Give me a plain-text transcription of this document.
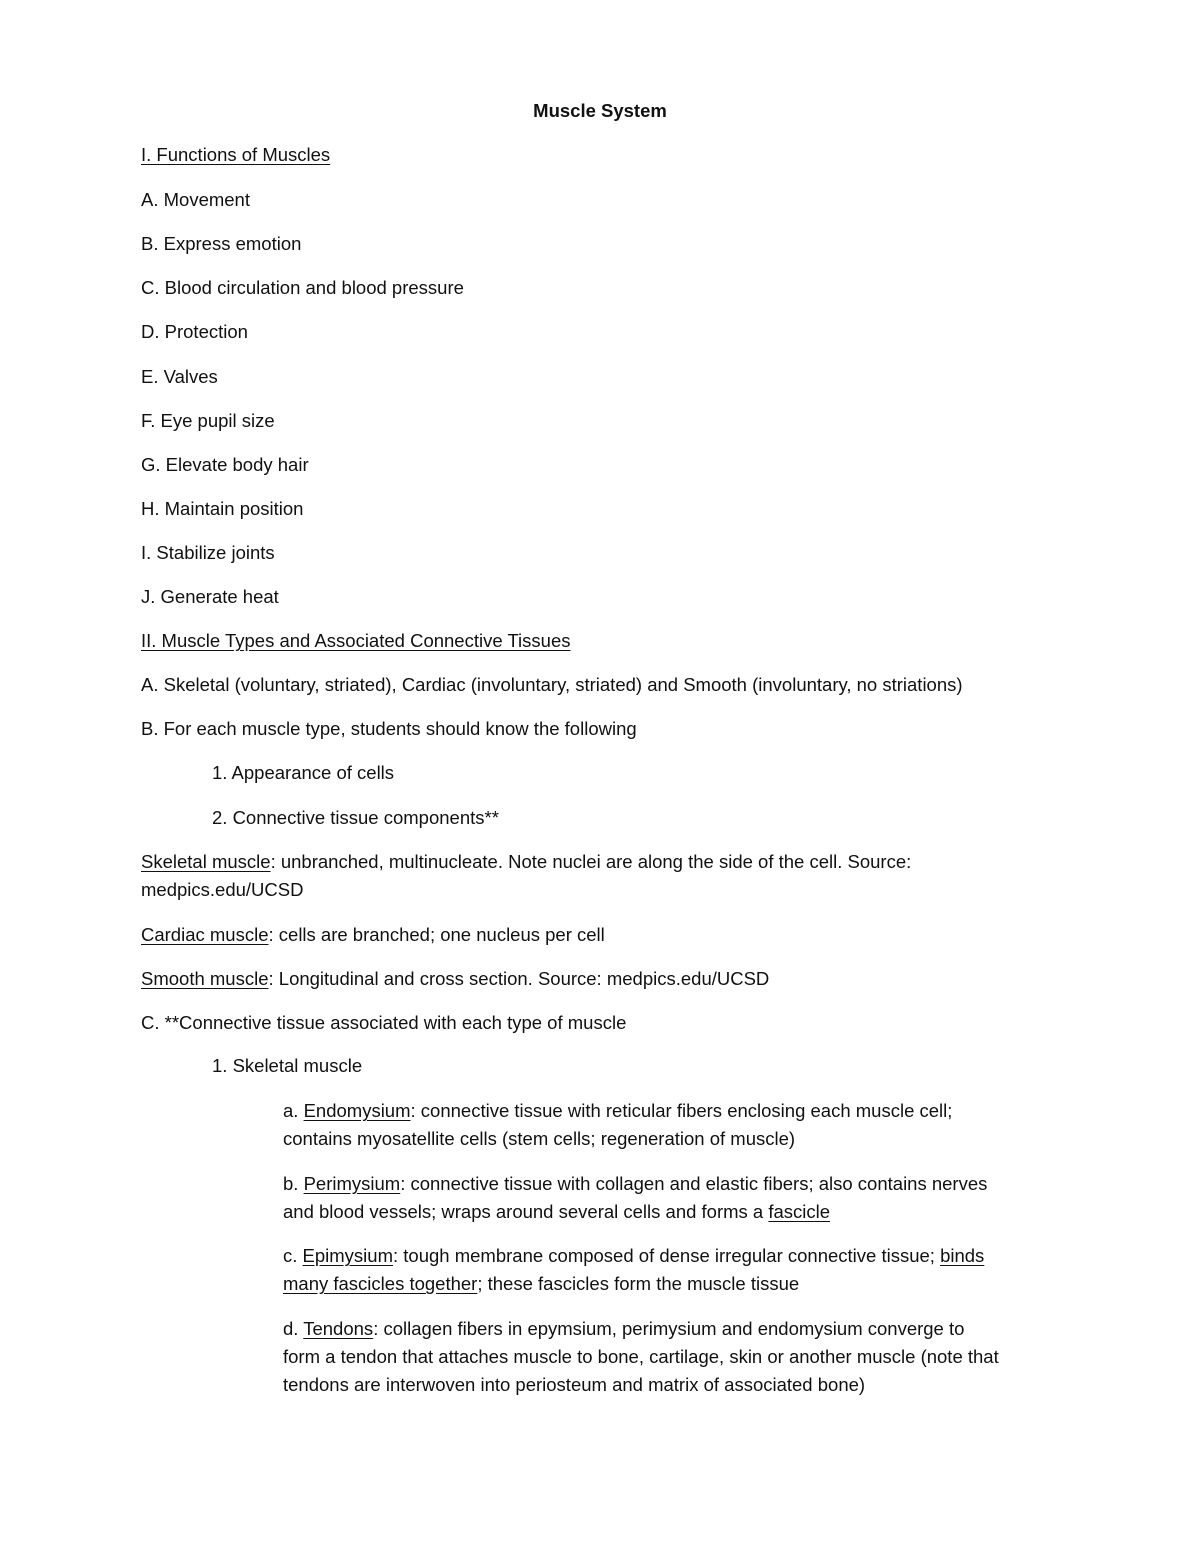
Muscle System
I. Functions of Muscles
A. Movement
B. Express emotion
C. Blood circulation and blood pressure
D. Protection
E. Valves
F. Eye pupil size
G. Elevate body hair
H. Maintain position
I. Stabilize joints
J. Generate heat
II. Muscle Types and Associated Connective Tissues
A. Skeletal (voluntary, striated), Cardiac (involuntary, striated) and Smooth (involuntary, no striations)
B. For each muscle type, students should know the following
1. Appearance of cells
2. Connective tissue components**
Skeletal muscle: unbranched, multinucleate. Note nuclei are along the side of the cell. Source:
medpics.edu/UCSD
Cardiac muscle: cells are branched; one nucleus per cell
Smooth muscle: Longitudinal and cross section. Source: medpics.edu/UCSD
C. **Connective tissue associated with each type of muscle
1. Skeletal muscle
a. Endomysium: connective tissue with reticular fibers enclosing each muscle cell;
contains myosatellite cells (stem cells; regeneration of muscle)
b. Perimysium: connective tissue with collagen and elastic fibers; also contains nerves
and blood vessels; wraps around several cells and forms a fascicle
c. Epimysium: tough membrane composed of dense irregular connective tissue; binds
many fascicles together; these fascicles form the muscle tissue
d. Tendons: collagen fibers in epymsium, perimysium and endomysium converge to
form a tendon that attaches muscle to bone, cartilage, skin or another muscle (note that
tendons are interwoven into periosteum and matrix of associated bone)
